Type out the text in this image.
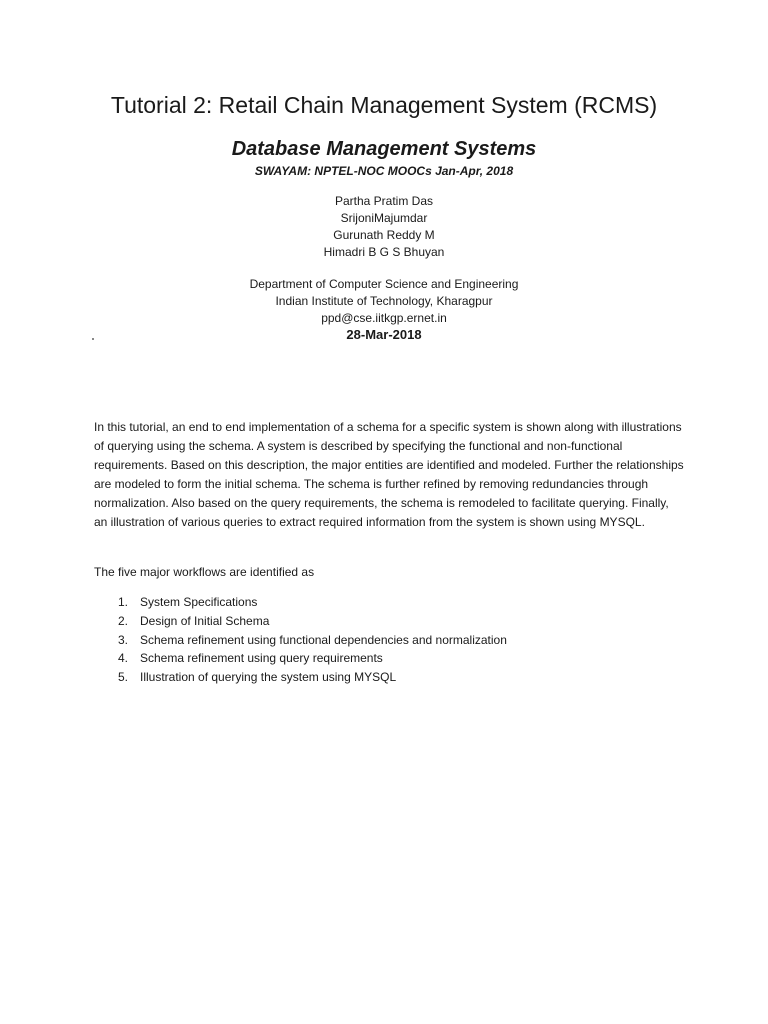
Tutorial 2: Retail Chain Management System (RCMS)
Database Management Systems
SWAYAM: NPTEL-NOC MOOCs Jan-Apr, 2018
Partha Pratim Das
SrijoniMajumdar
Gurunath Reddy M
Himadri B G S Bhuyan
Department of Computer Science and Engineering
Indian Institute of Technology, Kharagpur
ppd@cse.iitkgp.ernet.in
28-Mar-2018

In this tutorial, an end to end implementation of a schema for a specific system is shown along with illustrations of querying using the schema. A system is described by specifying the functional and non-functional requirements. Based on this description, the major entities are identified and modeled. Further the relationships are modeled to form the initial schema. The schema is further refined by removing redundancies through normalization. Also based on the query requirements, the schema is remodeled to facilitate querying. Finally, an illustration of various queries to extract required information from the system is shown using MYSQL.

The five major workflows are identified as

1. System Specifications
2. Design of Initial Schema
3. Schema refinement using functional dependencies and normalization
4. Schema refinement using query requirements
5. Illustration of querying the system using MYSQL
